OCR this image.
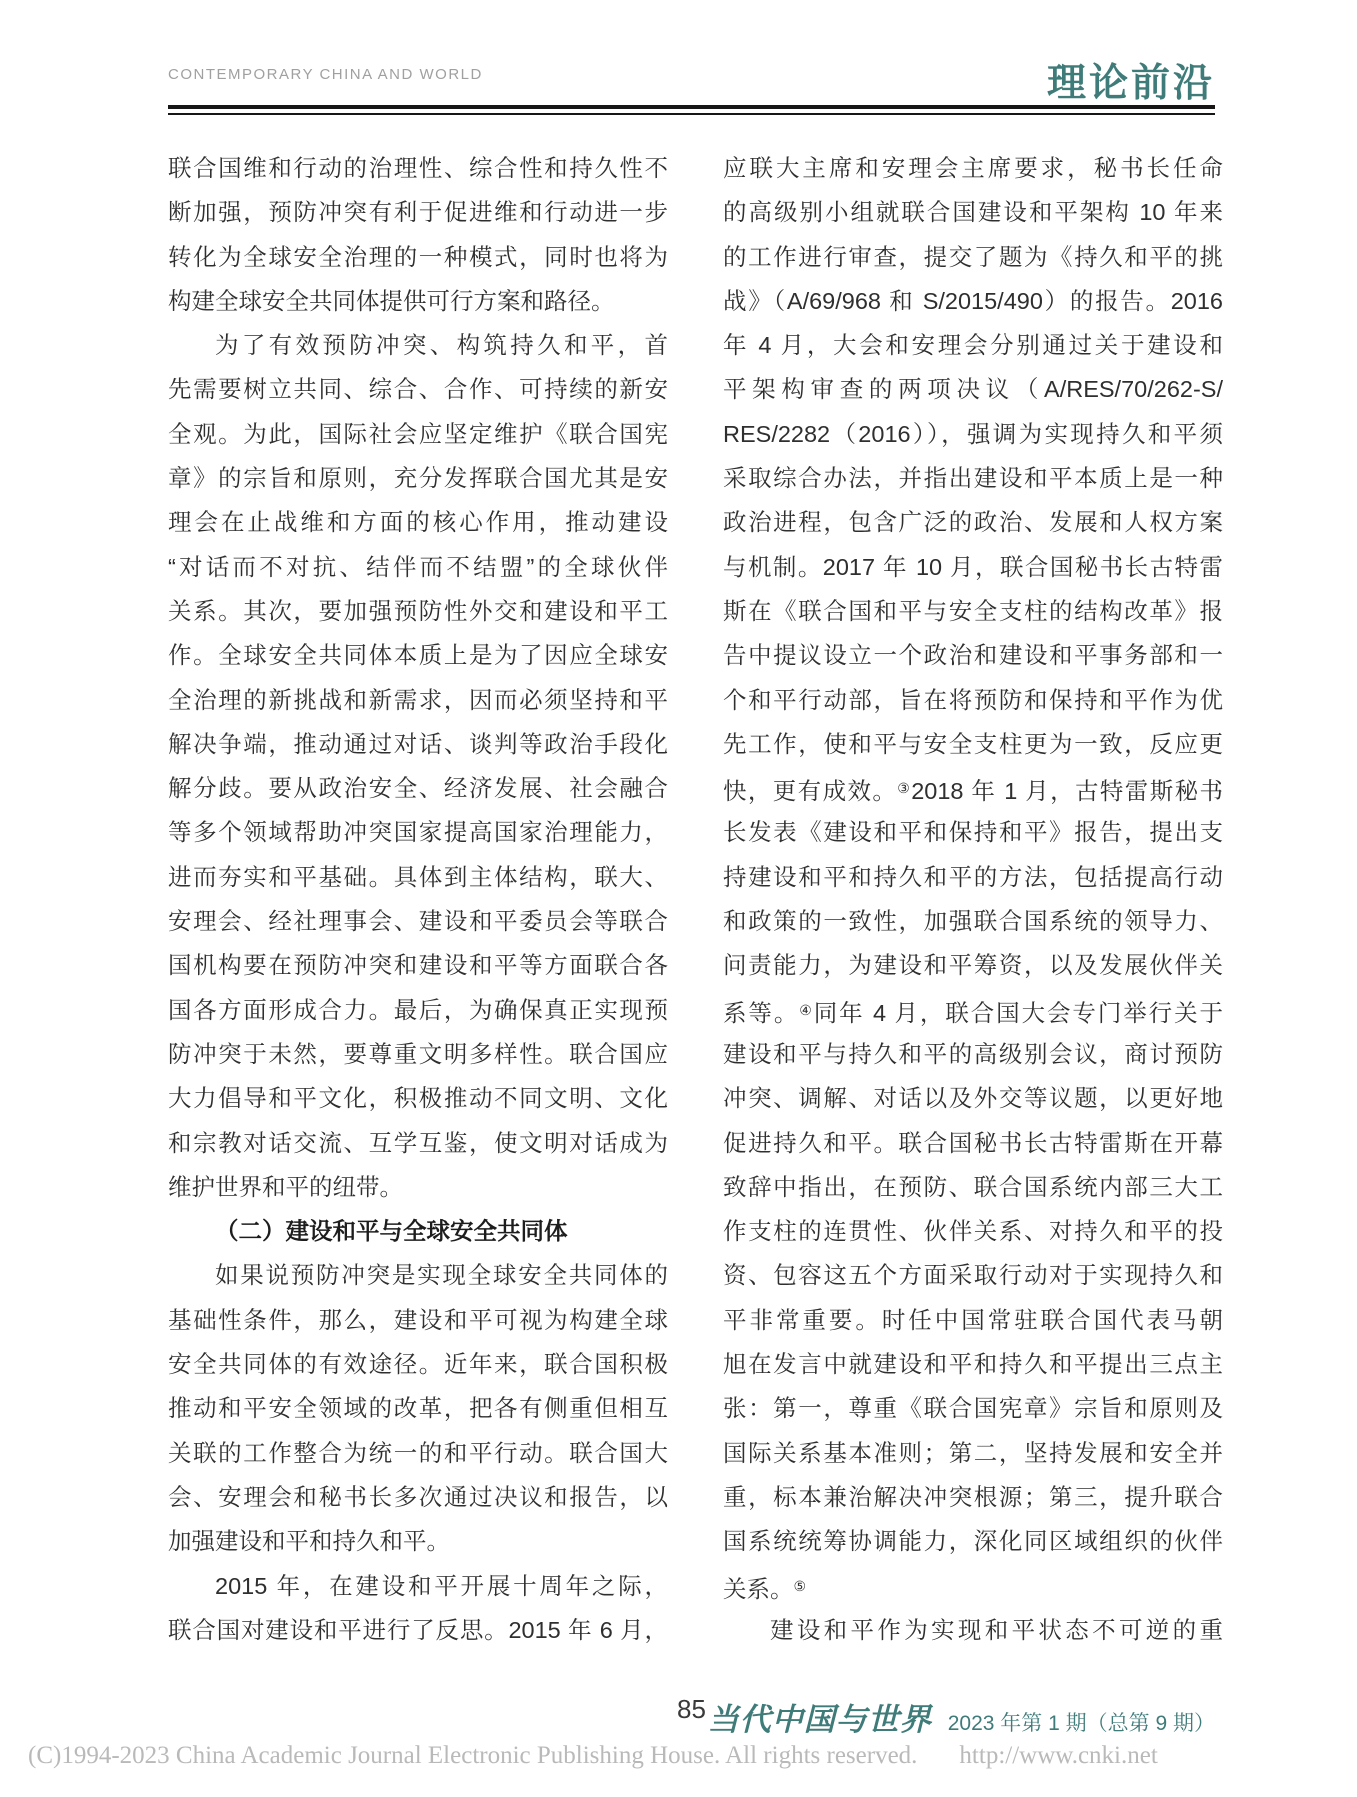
CONTEMPORARY CHINA AND WORLD	理论前沿
联合国维和行动的治理性、综合性和持久性不
断加强，预防冲突有利于促进维和行动进一步
转化为全球安全治理的一种模式，同时也将为
构建全球安全共同体提供可行方案和路径。
为了有效预防冲突、构筑持久和平，首
先需要树立共同、综合、合作、可持续的新安
全观。为此，国际社会应坚定维护《联合国宪
章》的宗旨和原则，充分发挥联合国尤其是安
理会在止战维和方面的核心作用，推动建设
“对话而不对抗、结伴而不结盟”的全球伙伴
关系。其次，要加强预防性外交和建设和平工
作。全球安全共同体本质上是为了因应全球安
全治理的新挑战和新需求，因而必须坚持和平
解决争端，推动通过对话、谈判等政治手段化
解分歧。要从政治安全、经济发展、社会融合
等多个领域帮助冲突国家提高国家治理能力，
进而夯实和平基础。具体到主体结构，联大、
安理会、经社理事会、建设和平委员会等联合
国机构要在预防冲突和建设和平等方面联合各
国各方面形成合力。最后，为确保真正实现预
防冲突于未然，要尊重文明多样性。联合国应
大力倡导和平文化，积极推动不同文明、文化
和宗教对话交流、互学互鉴，使文明对话成为
维护世界和平的纽带。
（二）建设和平与全球安全共同体
如果说预防冲突是实现全球安全共同体的
基础性条件，那么，建设和平可视为构建全球
安全共同体的有效途径。近年来，联合国积极
推动和平安全领域的改革，把各有侧重但相互
关联的工作整合为统一的和平行动。联合国大
会、安理会和秘书长多次通过决议和报告，以
加强建设和平和持久和平。
2015 年，在建设和平开展十周年之际，
联合国对建设和平进行了反思。2015 年 6 月，
应联大主席和安理会主席要求，秘书长任命
的高级别小组就联合国建设和平架构 10 年来
的工作进行审查，提交了题为《持久和平的挑
战》（A/69/968 和 S/2015/490）的报告。2016
年 4 月，大会和安理会分别通过关于建设和
平架构审查的两项决议（A/RES/70/262-S/
RES/2282（2016）），强调为实现持久和平须
采取综合办法，并指出建设和平本质上是一种
政治进程，包含广泛的政治、发展和人权方案
与机制。2017 年 10 月，联合国秘书长古特雷
斯在《联合国和平与安全支柱的结构改革》报
告中提议设立一个政治和建设和平事务部和一
个和平行动部，旨在将预防和保持和平作为优
先工作，使和平与安全支柱更为一致，反应更
快，更有成效。③2018 年 1 月，古特雷斯秘书
长发表《建设和平和保持和平》报告，提出支
持建设和平和持久和平的方法，包括提高行动
和政策的一致性，加强联合国系统的领导力、
问责能力，为建设和平筹资，以及发展伙伴关
系等。④同年 4 月，联合国大会专门举行关于
建设和平与持久和平的高级别会议，商讨预防
冲突、调解、对话以及外交等议题，以更好地
促进持久和平。联合国秘书长古特雷斯在开幕
致辞中指出，在预防、联合国系统内部三大工
作支柱的连贯性、伙伴关系、对持久和平的投
资、包容这五个方面采取行动对于实现持久和
平非常重要。时任中国常驻联合国代表马朝
旭在发言中就建设和平和持久和平提出三点主
张：第一，尊重《联合国宪章》宗旨和原则及
国际关系基本准则；第二，坚持发展和安全并
重，标本兼治解决冲突根源；第三，提升联合
国系统统筹协调能力，深化同区域组织的伙伴
关系。⑤
建设和平作为实现和平状态不可逆的重
85 当代中国与世界 2023 年第 1 期（总第 9 期）
(C)1994-2023 China Academic Journal Electronic Publishing House. All rights reserved. http://www.cnki.net
